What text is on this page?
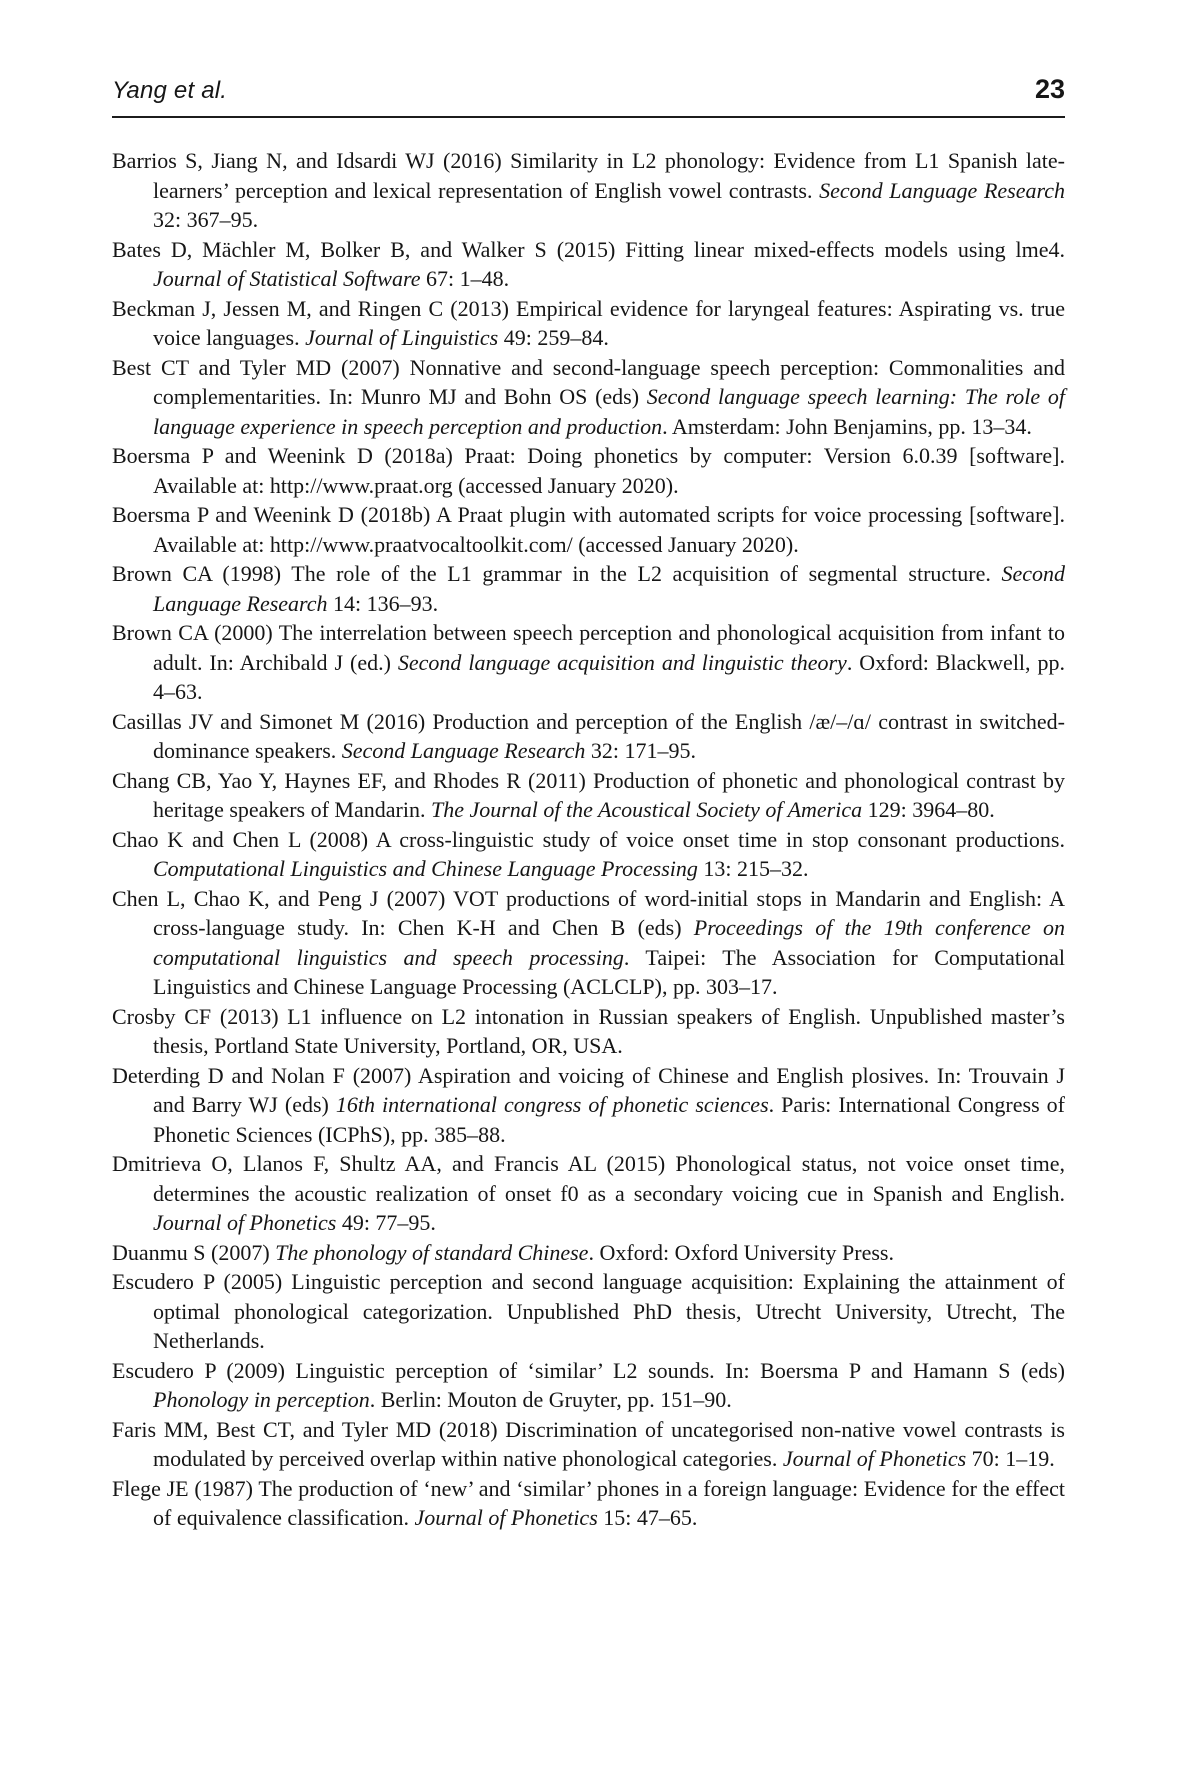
Yang et al.	23

Barrios S, Jiang N, and Idsardi WJ (2016) Similarity in L2 phonology: Evidence from L1 Spanish late-learners’ perception and lexical representation of English vowel contrasts. Second Language Research 32: 367–95.

Bates D, Mächler M, Bolker B, and Walker S (2015) Fitting linear mixed-effects models using lme4. Journal of Statistical Software 67: 1–48.

Beckman J, Jessen M, and Ringen C (2013) Empirical evidence for laryngeal features: Aspirating vs. true voice languages. Journal of Linguistics 49: 259–84.

Best CT and Tyler MD (2007) Nonnative and second-language speech perception: Commonalities and complementarities. In: Munro MJ and Bohn OS (eds) Second language speech learning: The role of language experience in speech perception and production. Amsterdam: John Benjamins, pp. 13–34.

Boersma P and Weenink D (2018a) Praat: Doing phonetics by computer: Version 6.0.39 [software]. Available at: http://www.praat.org (accessed January 2020).

Boersma P and Weenink D (2018b) A Praat plugin with automated scripts for voice processing [software]. Available at: http://www.praatvocaltoolkit.com/ (accessed January 2020).

Brown CA (1998) The role of the L1 grammar in the L2 acquisition of segmental structure. Second Language Research 14: 136–93.

Brown CA (2000) The interrelation between speech perception and phonological acquisition from infant to adult. In: Archibald J (ed.) Second language acquisition and linguistic theory. Oxford: Blackwell, pp. 4–63.

Casillas JV and Simonet M (2016) Production and perception of the English /æ/–/ɑ/ contrast in switched-dominance speakers. Second Language Research 32: 171–95.

Chang CB, Yao Y, Haynes EF, and Rhodes R (2011) Production of phonetic and phonological contrast by heritage speakers of Mandarin. The Journal of the Acoustical Society of America 129: 3964–80.

Chao K and Chen L (2008) A cross-linguistic study of voice onset time in stop consonant productions. Computational Linguistics and Chinese Language Processing 13: 215–32.

Chen L, Chao K, and Peng J (2007) VOT productions of word-initial stops in Mandarin and English: A cross-language study. In: Chen K-H and Chen B (eds) Proceedings of the 19th conference on computational linguistics and speech processing. Taipei: The Association for Computational Linguistics and Chinese Language Processing (ACLCLP), pp. 303–17.

Crosby CF (2013) L1 influence on L2 intonation in Russian speakers of English. Unpublished master’s thesis, Portland State University, Portland, OR, USA.

Deterding D and Nolan F (2007) Aspiration and voicing of Chinese and English plosives. In: Trouvain J and Barry WJ (eds) 16th international congress of phonetic sciences. Paris: International Congress of Phonetic Sciences (ICPhS), pp. 385–88.

Dmitrieva O, Llanos F, Shultz AA, and Francis AL (2015) Phonological status, not voice onset time, determines the acoustic realization of onset f0 as a secondary voicing cue in Spanish and English. Journal of Phonetics 49: 77–95.

Duanmu S (2007) The phonology of standard Chinese. Oxford: Oxford University Press.

Escudero P (2005) Linguistic perception and second language acquisition: Explaining the attainment of optimal phonological categorization. Unpublished PhD thesis, Utrecht University, Utrecht, The Netherlands.

Escudero P (2009) Linguistic perception of ‘similar’ L2 sounds. In: Boersma P and Hamann S (eds) Phonology in perception. Berlin: Mouton de Gruyter, pp. 151–90.

Faris MM, Best CT, and Tyler MD (2018) Discrimination of uncategorised non-native vowel contrasts is modulated by perceived overlap within native phonological categories. Journal of Phonetics 70: 1–19.

Flege JE (1987) The production of ‘new’ and ‘similar’ phones in a foreign language: Evidence for the effect of equivalence classification. Journal of Phonetics 15: 47–65.
